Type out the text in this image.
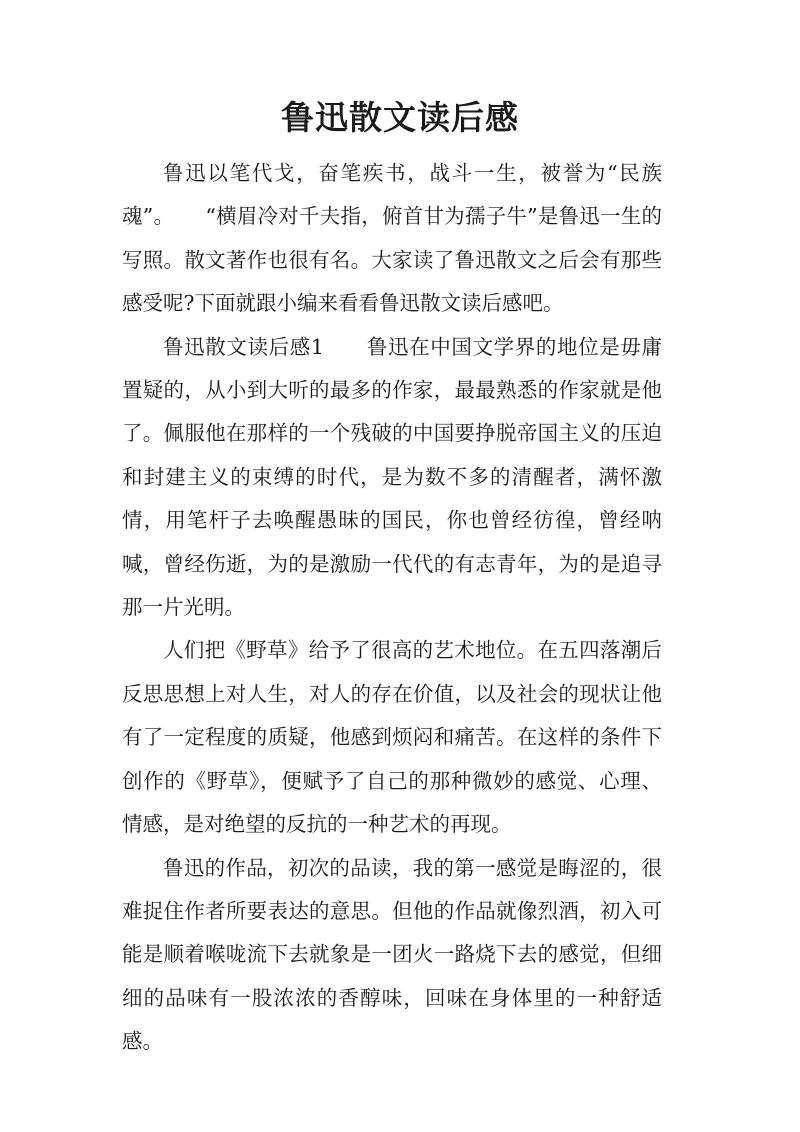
鲁迅散文读后感

鲁迅以笔代戈，奋笔疾书，战斗一生，被誉为“民族魂”。　　“横眉冷对千夫指，俯首甘为孺子牛”是鲁迅一生的写照。散文著作也很有名。大家读了鲁迅散文之后会有那些感受呢?下面就跟小编来看看鲁迅散文读后感吧。

鲁迅散文读后感1　　鲁迅在中国文学界的地位是毋庸置疑的，从小到大听的最多的作家，最最熟悉的作家就是他了。佩服他在那样的一个残破的中国要挣脱帝国主义的压迫和封建主义的束缚的时代，是为数不多的清醒者，满怀激情，用笔杆子去唤醒愚昧的国民，你也曾经彷徨，曾经呐喊，曾经伤逝，为的是激励一代代的有志青年，为的是追寻那一片光明。

人们把《野草》给予了很高的艺术地位。在五四落潮后反思思想上对人生，对人的存在价值，以及社会的现状让他有了一定程度的质疑，他感到烦闷和痛苦。在这样的条件下创作的《野草》，便赋予了自己的那种微妙的感觉、心理、情感，是对绝望的反抗的一种艺术的再现。

鲁迅的作品，初次的品读，我的第一感觉是晦涩的，很难捉住作者所要表达的意思。但他的作品就像烈酒，初入可能是顺着喉咙流下去就象是一团火一路烧下去的感觉，但细细的品味有一股浓浓的香醇味，回味在身体里的一种舒适感。
